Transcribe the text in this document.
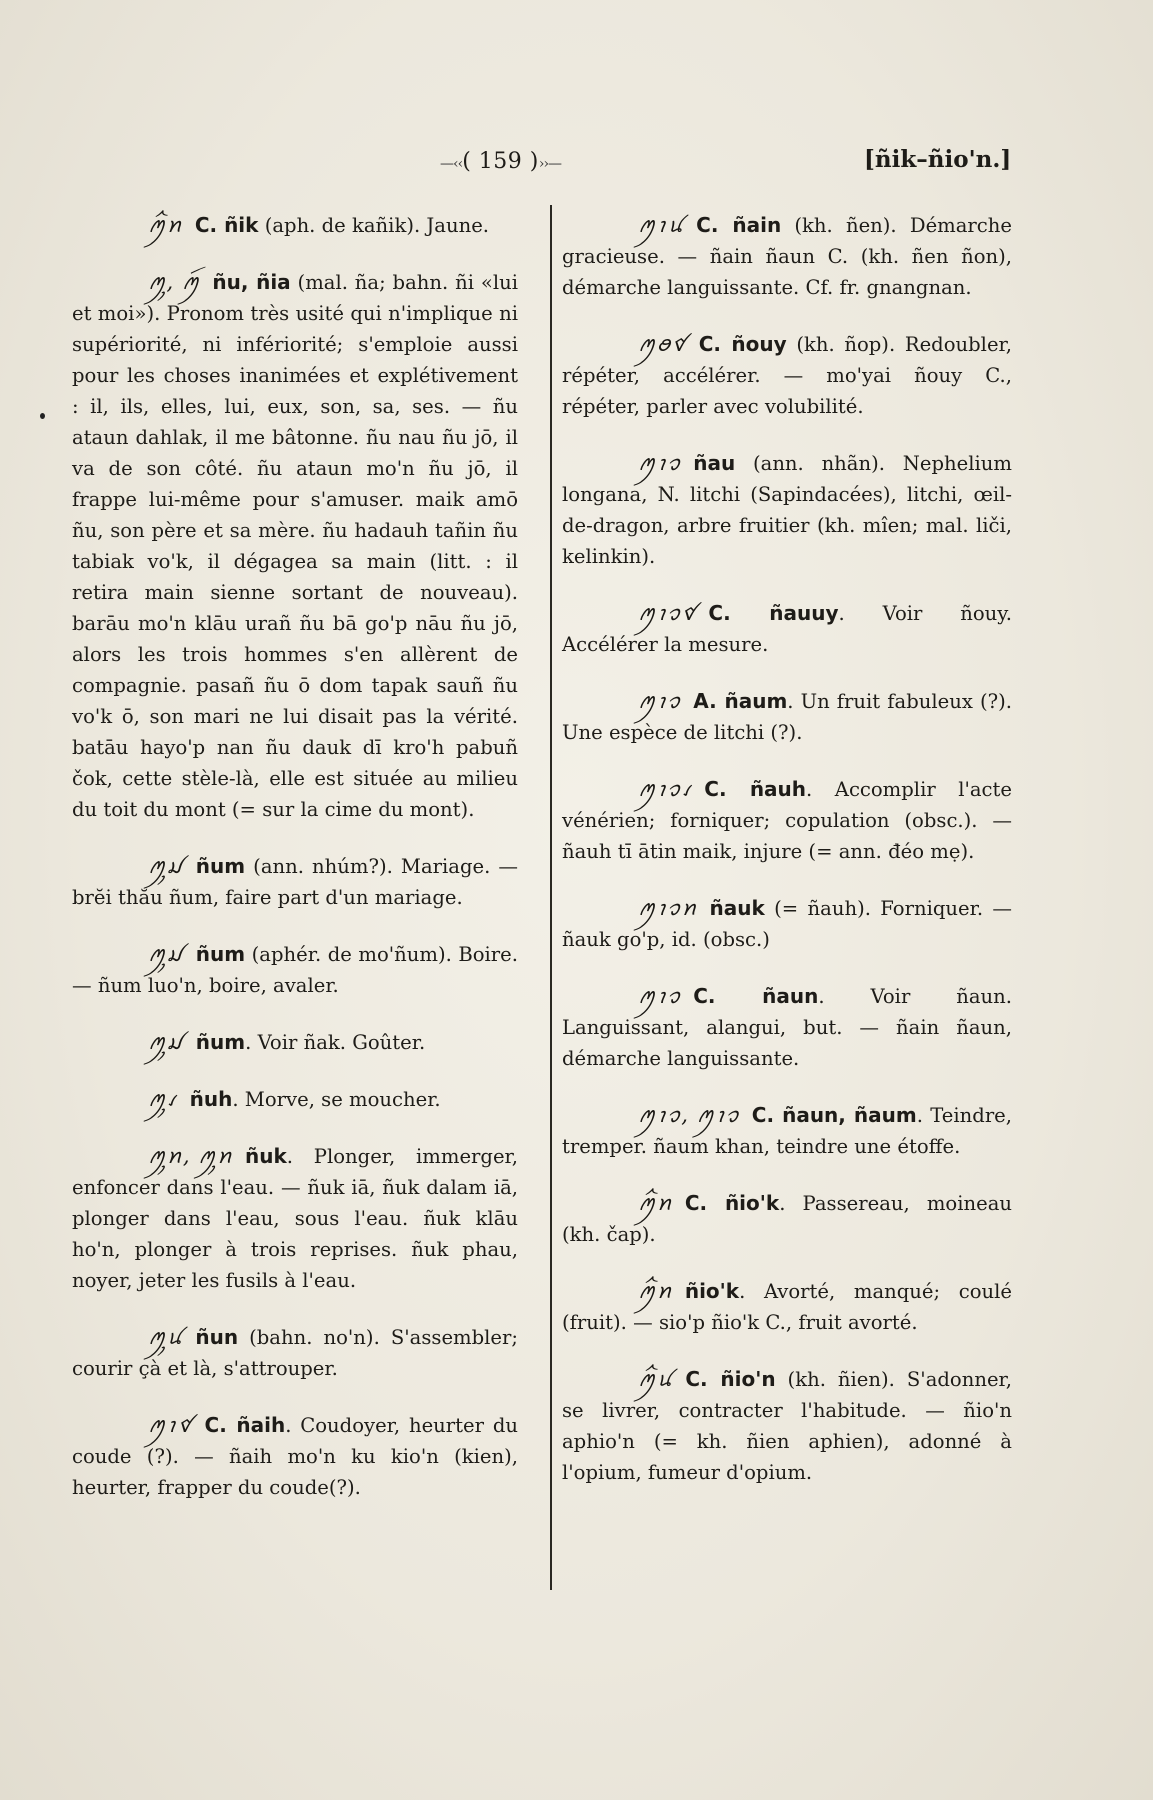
—‹‹( 159 )››—	[ñik–ñio'n.]
ꪑꪲꪀ C. ñik (aph. de kañik). Jaune.
ꪑꪴ, ꪑꪷ ñu, ñia (mal. ña; bahn. ñi «lui et moi»). Pronom très usité qui n'implique ni supériorité, ni infériorité; s'emploie aussi pour les choses inanimées et explétivement : il, ils, elles, lui, eux, son, sa, ses. — ñu ataun dahlak, il me bâtonne. ñu nau ñu jō, il va de son côté. ñu ataun mo'n ñu jō, il frappe lui-même pour s'amuser. maik amō ñu, son père et sa mère. ñu hadauh tañin ñu tabiak vo'k, il dégagea sa main (litt. : il retira main sienne sortant de nouveau). barāu mo'n klāu urañ ñu bā go'p nāu ñu jō, alors les trois hommes s'en allèrent de compagnie. pasañ ñu ō dom tapak sauñ ñu vo'k ō, son mari ne lui disait pas la vérité. batāu hayo'p nan ñu dauk dī kro'h pabuñ čok, cette stèle-là, elle est située au milieu du toit du mont (= sur la cime du mont).
ꪑꪴꪣ ñum (ann. nhúm?). Mariage. — brĕi thău ñum, faire part d'un mariage.
ꪑꪴꪣ ñum (aphér. de mo'ñum). Boire. — ñum luo'n, boire, avaler.
ꪑꪴꪣ ñum. Voir ñak. Goûter.
ꪑꪴꪹ ñuh. Morve, se moucher.
ꪑꪴꪀ, ꪑꪴꪀ ñuk. Plonger, immerger, enfoncer dans l'eau. — ñuk iā, ñuk dalam iā, plonger dans l'eau, sous l'eau. ñuk klāu ho'n, plonger à trois reprises. ñuk phau, noyer, jeter les fusils à l'eau.
ꪑꪴꪙ ñun (bahn. no'n). S'assembler; courir çà et là, s'attrouper.
ꪑꪱꪥ C. ñaih. Coudoyer, heurter du coude (?). — ñaih mo'n ku kio'n (kien), heurter, frapper du coude(?).
ꪑꪱꪙ C. ñain (kh. ñen). Démarche gracieuse. — ñain ñaun C. (kh. ñen ñon), démarche languissante. Cf. fr. gnangnan.
ꪑꪮꪥ C. ñouy (kh. ñop). Redoubler, répéter, accélérer. — mo'yai ñouy C., répéter, parler avec volubilité.
ꪑꪱꪫ ñau (ann. nhãn). Nephelium longana, N. litchi (Sapindacées), litchi, œil-de-dragon, arbre fruitier (kh. mîen; mal. liči, kelinkin).
ꪑꪱꪫꪥ C. ñauuy. Voir ñouy. Accélérer la mesure.
ꪑꪱꪫ A. ñaum. Un fruit fabuleux (?). Une espèce de litchi (?).
ꪑꪱꪫꪹ C. ñauh. Accomplir l'acte vénérien; forniquer; copulation (obsc.). — ñauh tī ātin maik, injure (= ann. đéo mẹ).
ꪑꪱꪫꪀ ñauk (= ñauh). Forniquer. — ñauk go'p, id. (obsc.)
ꪑꪱꪫ C. ñaun. Voir ñaun. Languissant, alangui, but. — ñain ñaun, démarche languissante.
ꪑꪱꪫ, ꪑꪱꪫ C. ñaun, ñaum. Teindre, tremper. ñaum khan, teindre une étoffe.
ꪑꪲꪀ C. ñio'k. Passereau, moineau (kh. čap).
ꪑꪲꪀ ñio'k. Avorté, manqué; coulé (fruit). — sio'p ñio'k C., fruit avorté.
ꪑꪲꪙ C. ñio'n (kh. ñien). S'adonner, se livrer, contracter l'habitude. — ñio'n aphio'n (= kh. ñien aphien), adonné à l'opium, fumeur d'opium.
